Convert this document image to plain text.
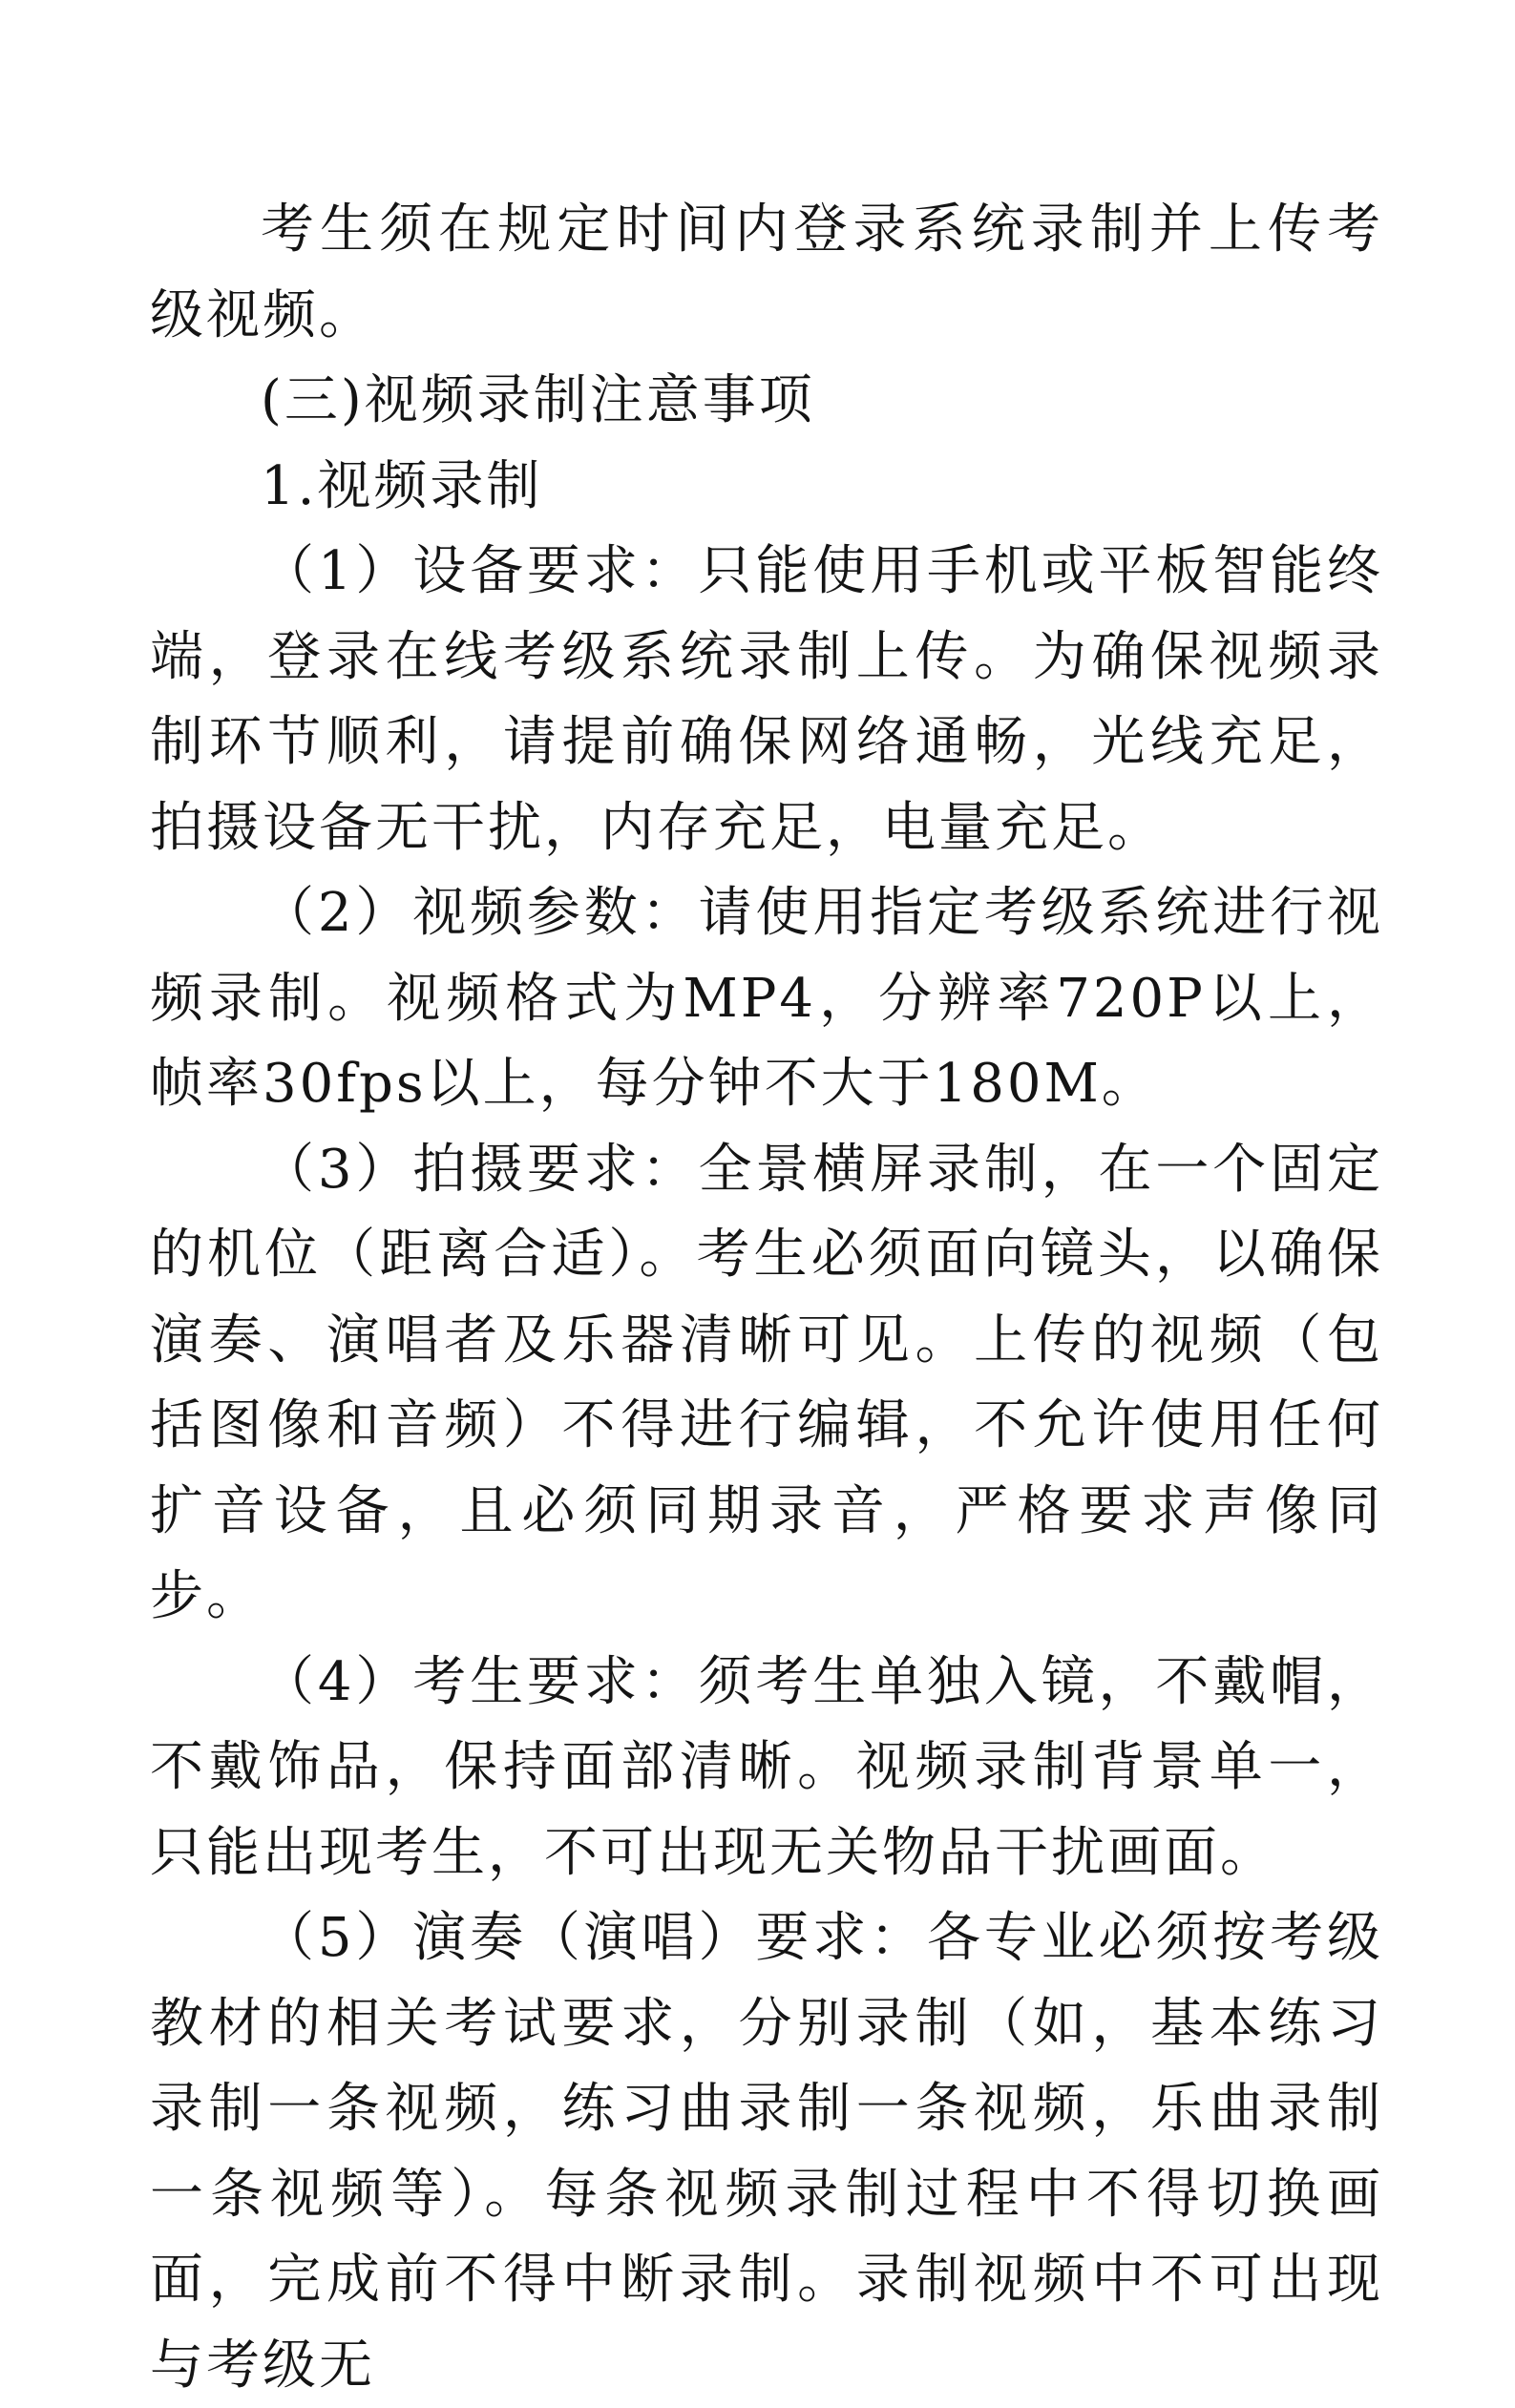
考生须在规定时间内登录系统录制并上传考级视频。

(三)视频录制注意事项

1.视频录制

（1）设备要求：只能使用手机或平板智能终端，登录在线考级系统录制上传。为确保视频录制环节顺利，请提前确保网络通畅，光线充足，拍摄设备无干扰，内存充足，电量充足。

（2）视频参数：请使用指定考级系统进行视频录制。视频格式为MP4，分辨率720P以上，帧率30fps以上，每分钟不大于180M。

（3）拍摄要求：全景横屏录制，在一个固定的机位（距离合适）。考生必须面向镜头，以确保演奏、演唱者及乐器清晰可见。上传的视频（包括图像和音频）不得进行编辑，不允许使用任何扩音设备，且必须同期录音，严格要求声像同步。

（4）考生要求：须考生单独入镜，不戴帽，不戴饰品，保持面部清晰。视频录制背景单一，只能出现考生，不可出现无关物品干扰画面。

（5）演奏（演唱）要求：各专业必须按考级教材的相关考试要求，分别录制（如，基本练习录制一条视频，练习曲录制一条视频，乐曲录制一条视频等）。每条视频录制过程中不得切换画面，完成前不得中断录制。录制视频中不可出现与考级无
